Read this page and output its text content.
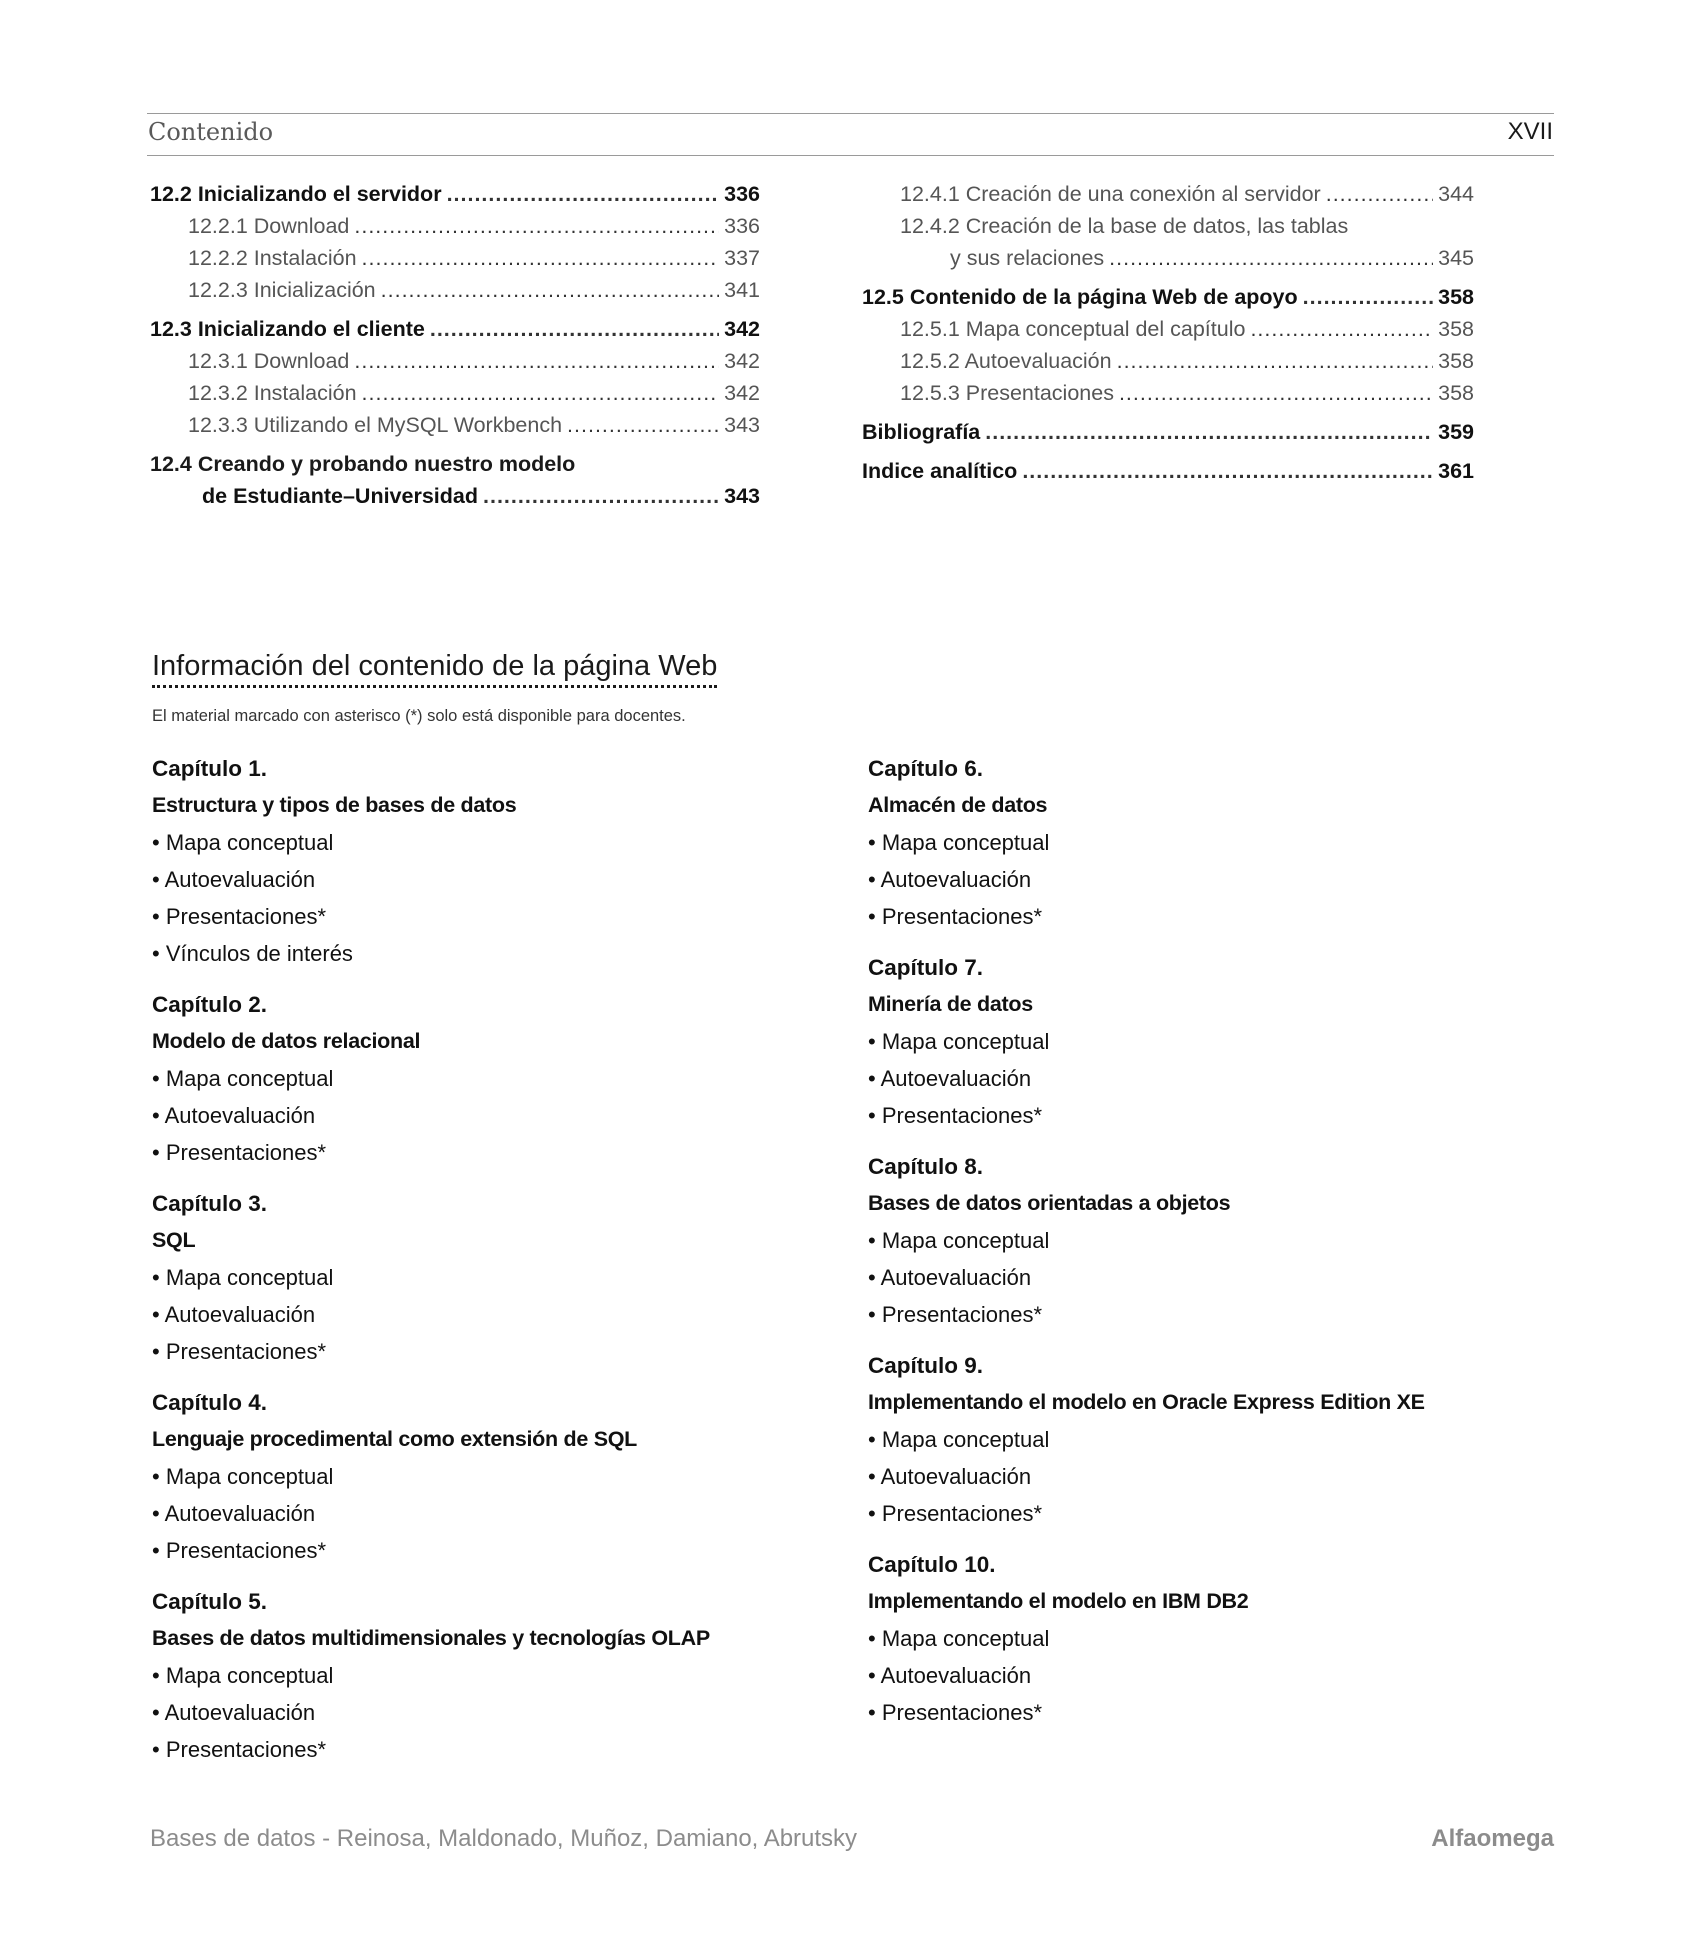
Contenido	XVII
12.2 Inicializando el servidor .....	336
12.2.1 Download .....	336
12.2.2 Instalación .....	337
12.2.3 Inicialización .....	341
12.3 Inicializando el cliente .....	342
12.3.1 Download .....	342
12.3.2 Instalación .....	342
12.3.3 Utilizando el MySQL Workbench .....	343
12.4 Creando y probando nuestro modelo
de Estudiante–Universidad .....	343
12.4.1 Creación de una conexión al servidor .....	344
12.4.2 Creación de la base de datos, las tablas
y sus relaciones .....	345
12.5 Contenido de la página Web de apoyo .....	358
12.5.1 Mapa conceptual del capítulo .....	358
12.5.2 Autoevaluación .....	358
12.5.3 Presentaciones .....	358
Bibliografía .....	359
Indice analítico .....	361
Información del contenido de la página Web
El material marcado con asterisco (*) solo está disponible para docentes.
Capítulo 1.
Estructura y tipos de bases de datos
• Mapa conceptual
• Autoevaluación
• Presentaciones*
• Vínculos de interés
Capítulo 2.
Modelo de datos relacional
• Mapa conceptual
• Autoevaluación
• Presentaciones*
Capítulo 3.
SQL
• Mapa conceptual
• Autoevaluación
• Presentaciones*
Capítulo 4.
Lenguaje procedimental como extensión de SQL
• Mapa conceptual
• Autoevaluación
• Presentaciones*
Capítulo 5.
Bases de datos multidimensionales y tecnologías OLAP
• Mapa conceptual
• Autoevaluación
• Presentaciones*
Capítulo 6.
Almacén de datos
• Mapa conceptual
• Autoevaluación
• Presentaciones*
Capítulo 7.
Minería de datos
• Mapa conceptual
• Autoevaluación
• Presentaciones*
Capítulo 8.
Bases de datos orientadas a objetos
• Mapa conceptual
• Autoevaluación
• Presentaciones*
Capítulo 9.
Implementando el modelo en Oracle Express Edition XE
• Mapa conceptual
• Autoevaluación
• Presentaciones*
Capítulo 10.
Implementando el modelo en IBM DB2
• Mapa conceptual
• Autoevaluación
• Presentaciones*
Bases de datos - Reinosa, Maldonado, Muñoz, Damiano, Abrutsky	Alfaomega
